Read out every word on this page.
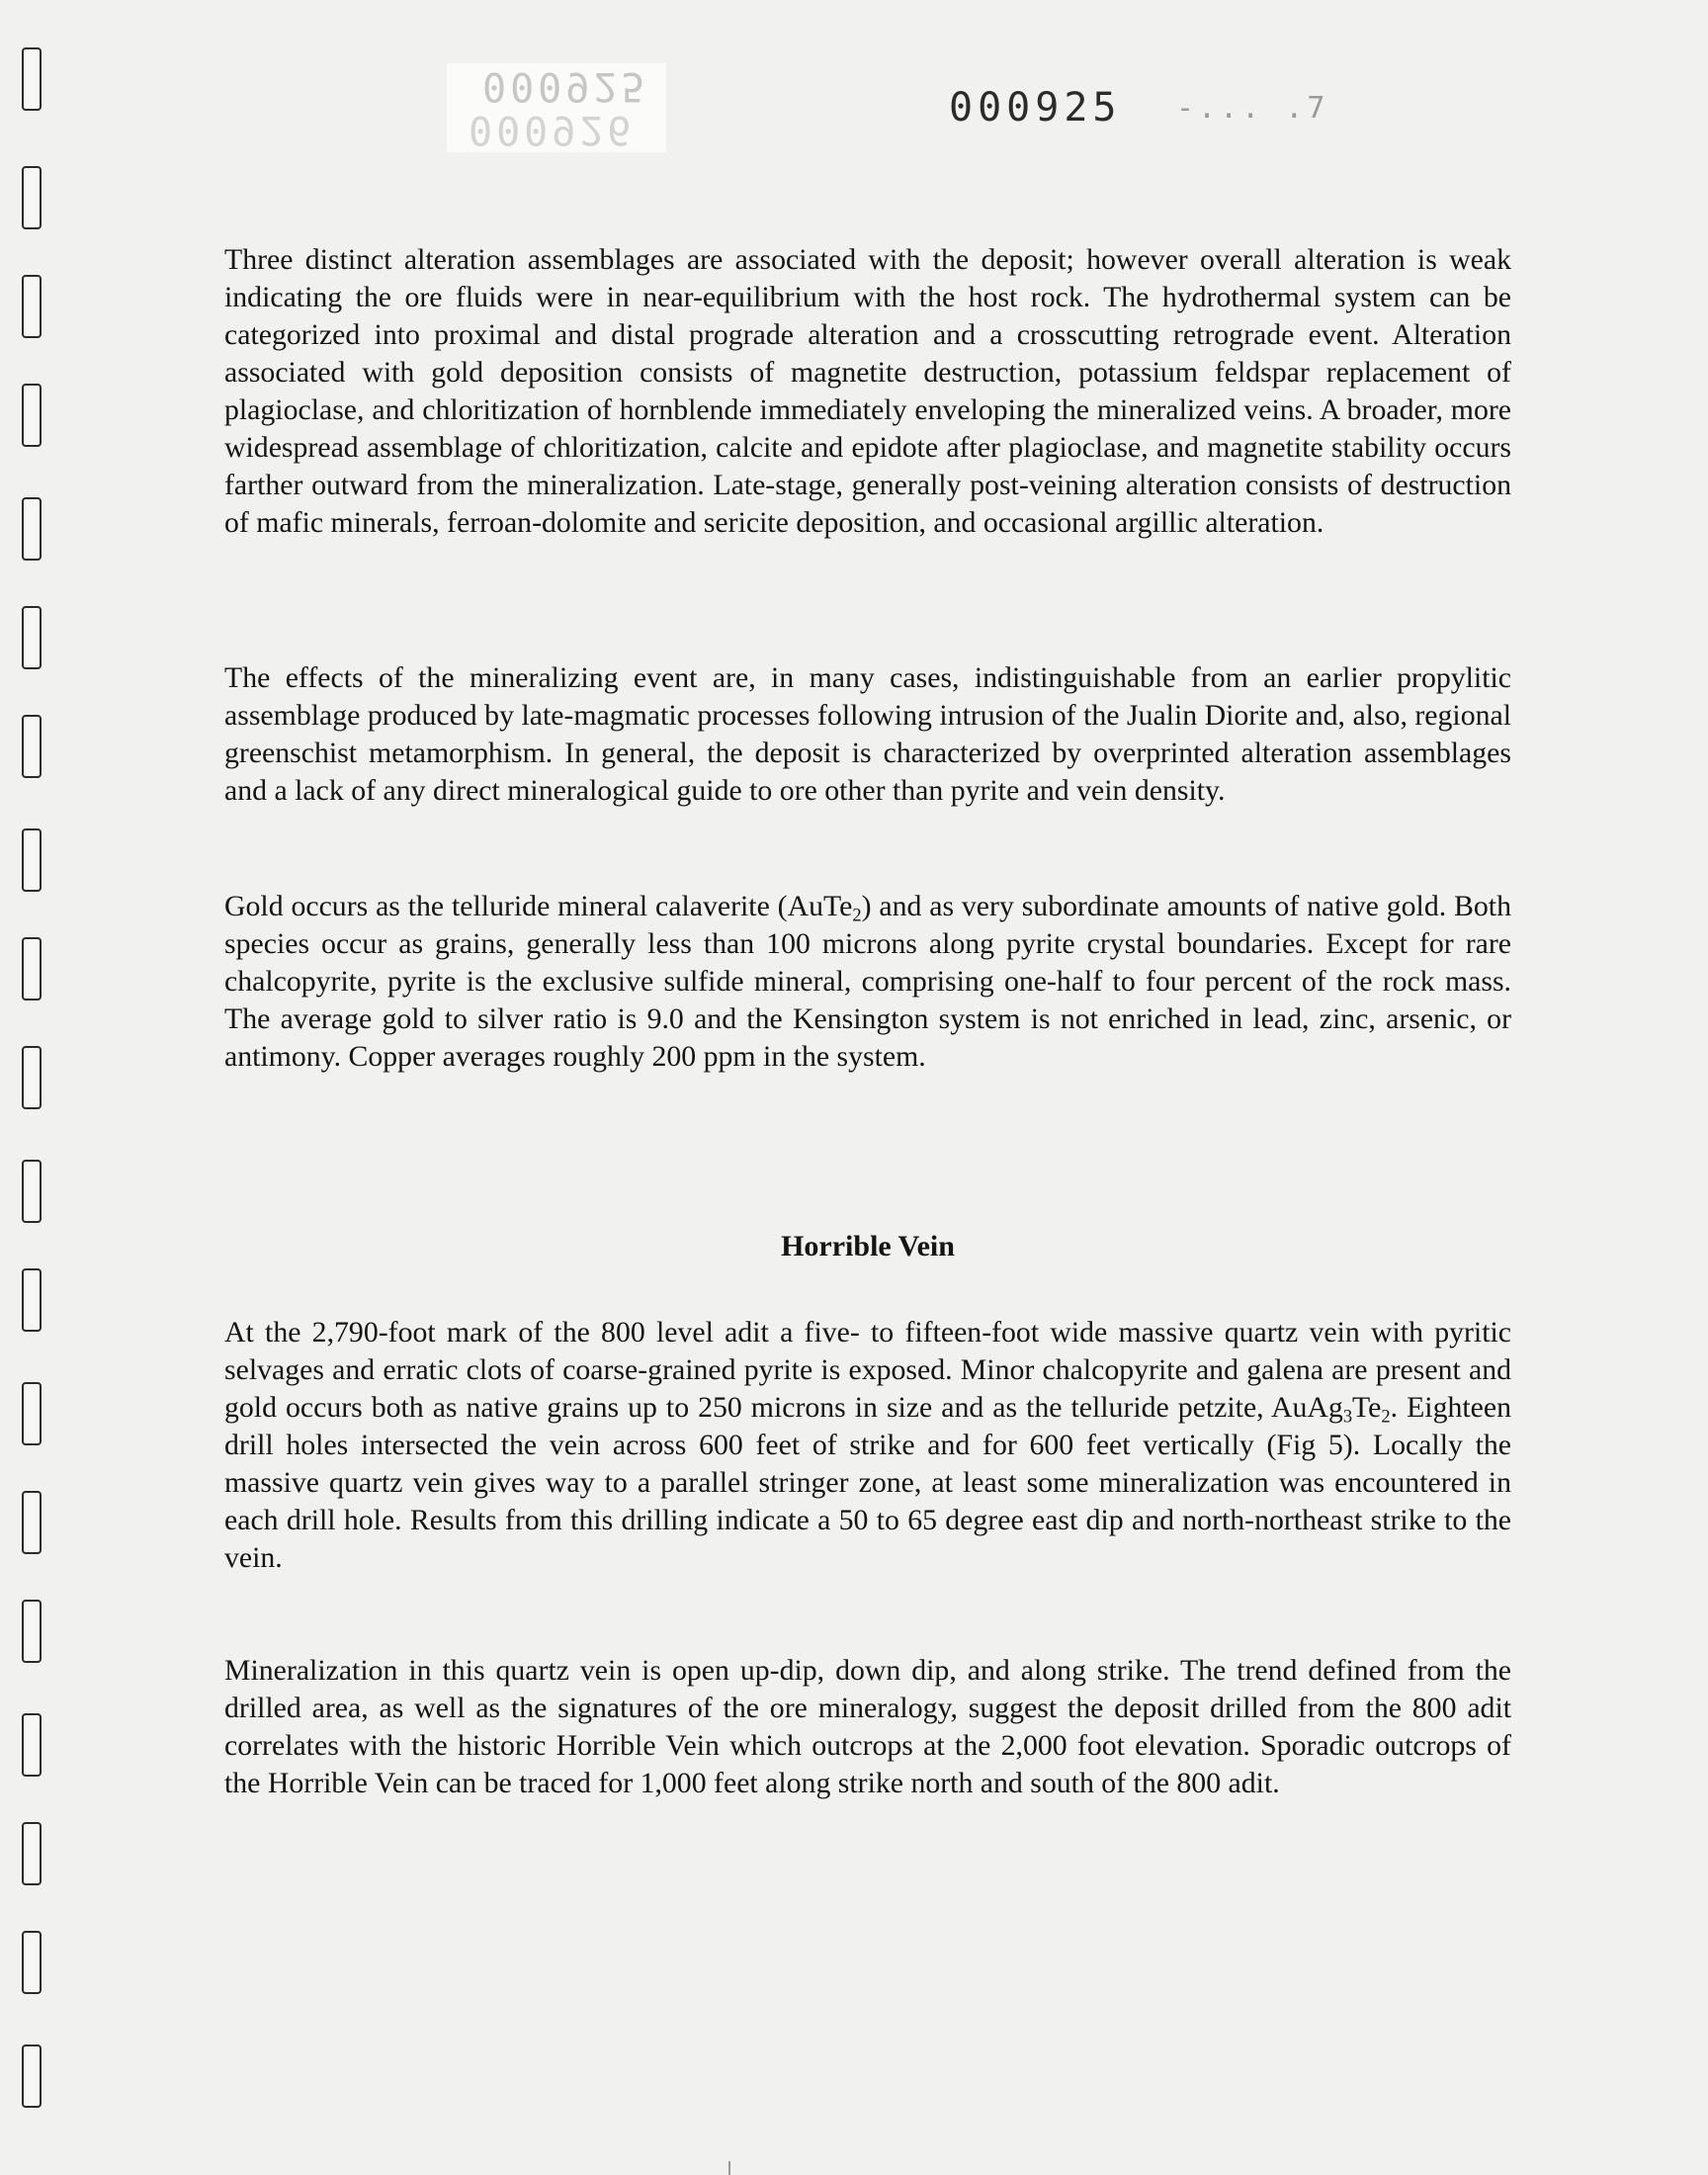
000925
000926	000925 -... .7

Three distinct alteration assemblages are associated with the deposit; however overall alteration is weak indicating the ore fluids were in near-equilibrium with the host rock. The hydrothermal system can be categorized into proximal and distal prograde alteration and a crosscutting retrograde event. Alteration associated with gold deposition consists of magnetite destruction, potassium feldspar replacement of plagioclase, and chloritization of hornblende immediately enveloping the mineralized veins. A broader, more widespread assemblage of chloritization, calcite and epidote after plagioclase, and magnetite stability occurs farther outward from the mineralization. Late-stage, generally post-veining alteration consists of destruction of mafic minerals, ferroan-dolomite and sericite deposition, and occasional argillic alteration.

The effects of the mineralizing event are, in many cases, indistinguishable from an earlier propylitic assemblage produced by late-magmatic processes following intrusion of the Jualin Diorite and, also, regional greenschist metamorphism. In general, the deposit is characterized by overprinted alteration assemblages and a lack of any direct mineralogical guide to ore other than pyrite and vein density.

Gold occurs as the telluride mineral calaverite (AuTe$_2$) and as very subordinate amounts of native gold. Both species occur as grains, generally less than 100 microns along pyrite crystal boundaries. Except for rare chalcopyrite, pyrite is the exclusive sulfide mineral, comprising one-half to four percent of the rock mass. The average gold to silver ratio is 9.0 and the Kensington system is not enriched in lead, zinc, arsenic, or antimony. Copper averages roughly 200 ppm in the system.

Horrible Vein

At the 2,790-foot mark of the 800 level adit a five- to fifteen-foot wide massive quartz vein with pyritic selvages and erratic clots of coarse-grained pyrite is exposed. Minor chalcopyrite and galena are present and gold occurs both as native grains up to 250 microns in size and as the telluride petzite, $AuAg_3Te_2$. Eighteen drill holes intersected the vein across 600 feet of strike and for 600 feet vertically (Fig 5). Locally the massive quartz vein gives way to a parallel stringer zone, at least some mineralization was encountered in each drill hole. Results from this drilling indicate a 50 to 65 degree east dip and north-northeast strike to the vein.

Mineralization in this quartz vein is open up-dip, down dip, and along strike. The trend defined from the drilled area, as well as the signatures of the ore mineralogy, suggest the deposit drilled from the 800 adit correlates with the historic Horrible Vein which outcrops at the 2,000 foot elevation. Sporadic outcrops of the Horrible Vein can be traced for 1,000 feet along strike north and south of the 800 adit.
